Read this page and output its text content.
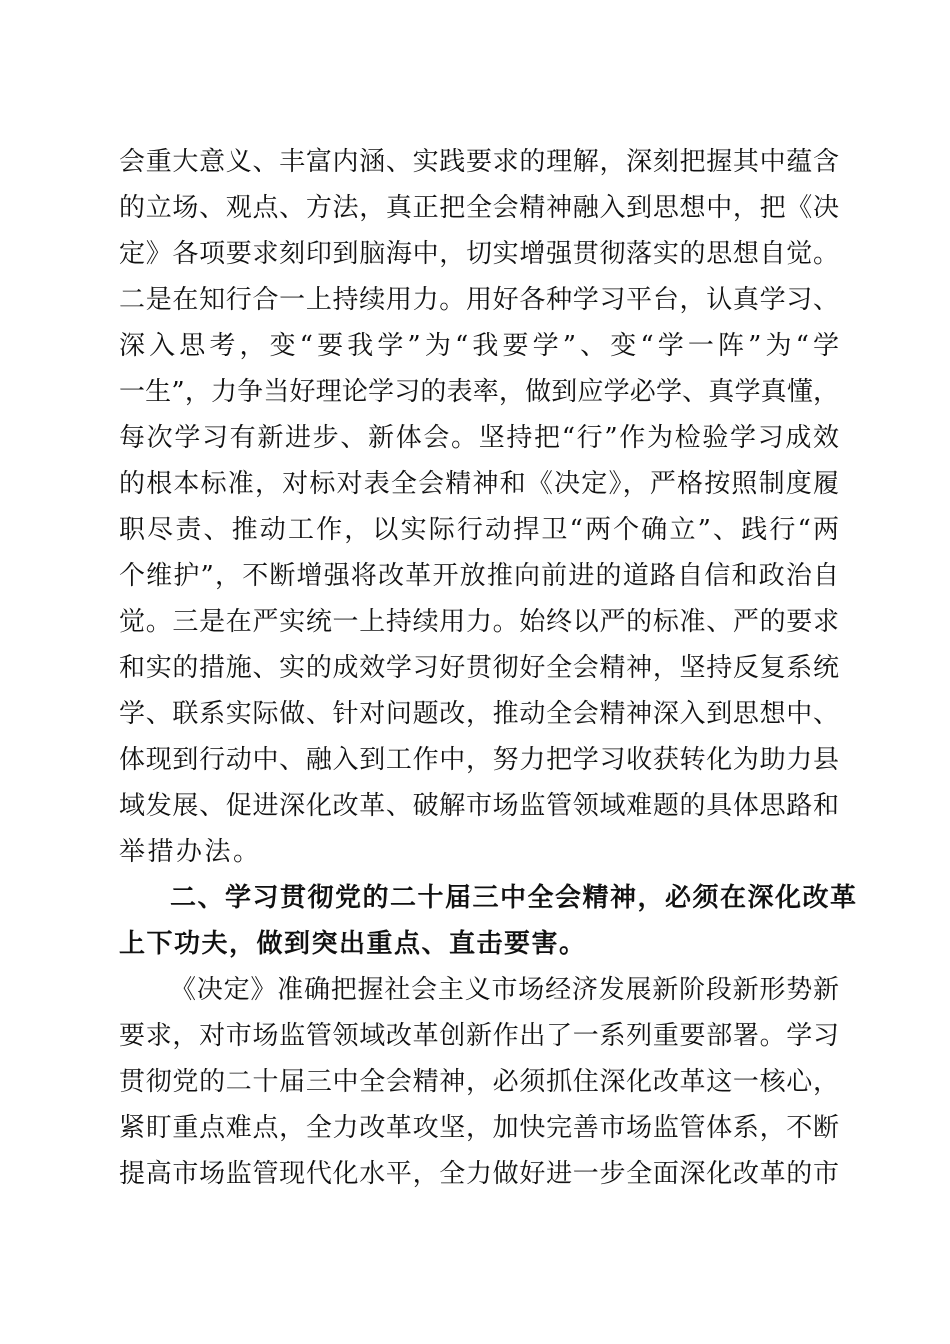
会重大意义、丰富内涵、实践要求的理解，深刻把握其中蕴含
的立场、观点、方法，真正把全会精神融入到思想中，把《决
定》各项要求刻印到脑海中，切实增强贯彻落实的思想自觉。
二是在知行合一上持续用力。用好各种学习平台，认真学习、
深入思考，变“要我学”为“我要学”、变“学一阵”为“学
一生”，力争当好理论学习的表率，做到应学必学、真学真懂，
每次学习有新进步、新体会。坚持把“行”作为检验学习成效
的根本标准，对标对表全会精神和《决定》，严格按照制度履
职尽责、推动工作，以实际行动捍卫“两个确立”、践行“两
个维护”，不断增强将改革开放推向前进的道路自信和政治自
觉。三是在严实统一上持续用力。始终以严的标准、严的要求
和实的措施、实的成效学习好贯彻好全会精神，坚持反复系统
学、联系实际做、针对问题改，推动全会精神深入到思想中、
体现到行动中、融入到工作中，努力把学习收获转化为助力县
域发展、促进深化改革、破解市场监管领域难题的具体思路和
举措办法。
二、学习贯彻党的二十届三中全会精神，必须在深化改革
上下功夫，做到突出重点、直击要害。
《决定》准确把握社会主义市场经济发展新阶段新形势新
要求，对市场监管领域改革创新作出了一系列重要部署。学习
贯彻党的二十届三中全会精神，必须抓住深化改革这一核心，
紧盯重点难点，全力改革攻坚，加快完善市场监管体系，不断
提高市场监管现代化水平，全力做好进一步全面深化改革的市
